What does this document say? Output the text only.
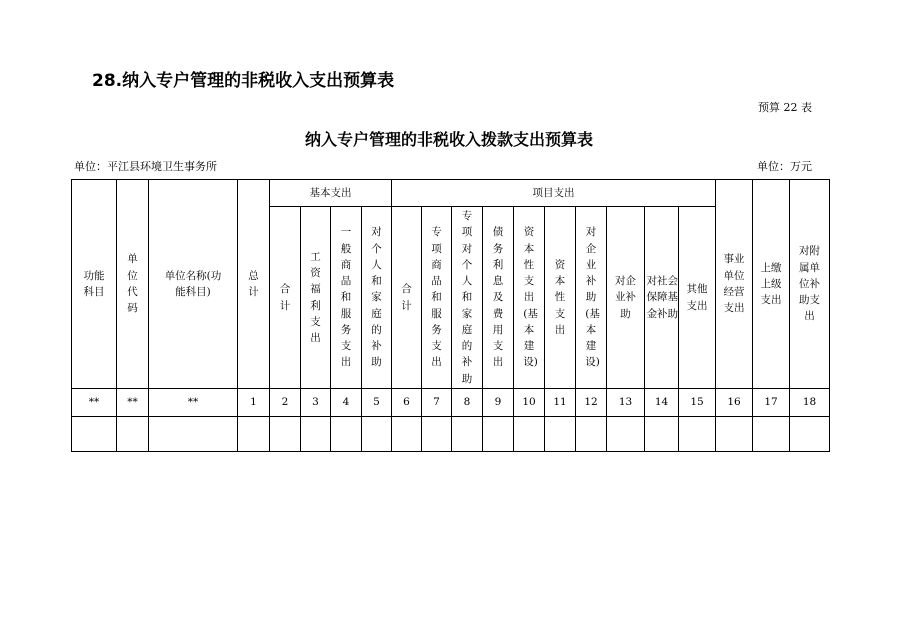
28.纳入专户管理的非税收入支出预算表
预算 22 表
纳入专户管理的非税收入拨款支出预算表
单位：平江县环境卫生事务所	单位：万元
功能科目	单位代码	单位名称(功能科目)	总计	基本支出				项目支出										事业单位经营支出	上缴上级支出	对附属单位补助支出
				合计	工资福利支出	一般商品和服务支出	对个人和家庭的补助	合计	专项商品和服务支出	专项对个人和家庭的补助	债务利息及费用支出	资本性支出(基本建设)	资本性支出	对企业补助(基本建设)	对企业补助	对社会保障基金补助	其他支出			
**	**	**	1	2	3	4	5	6	7	8	9	10	11	12	13	14	15	16	17	18
